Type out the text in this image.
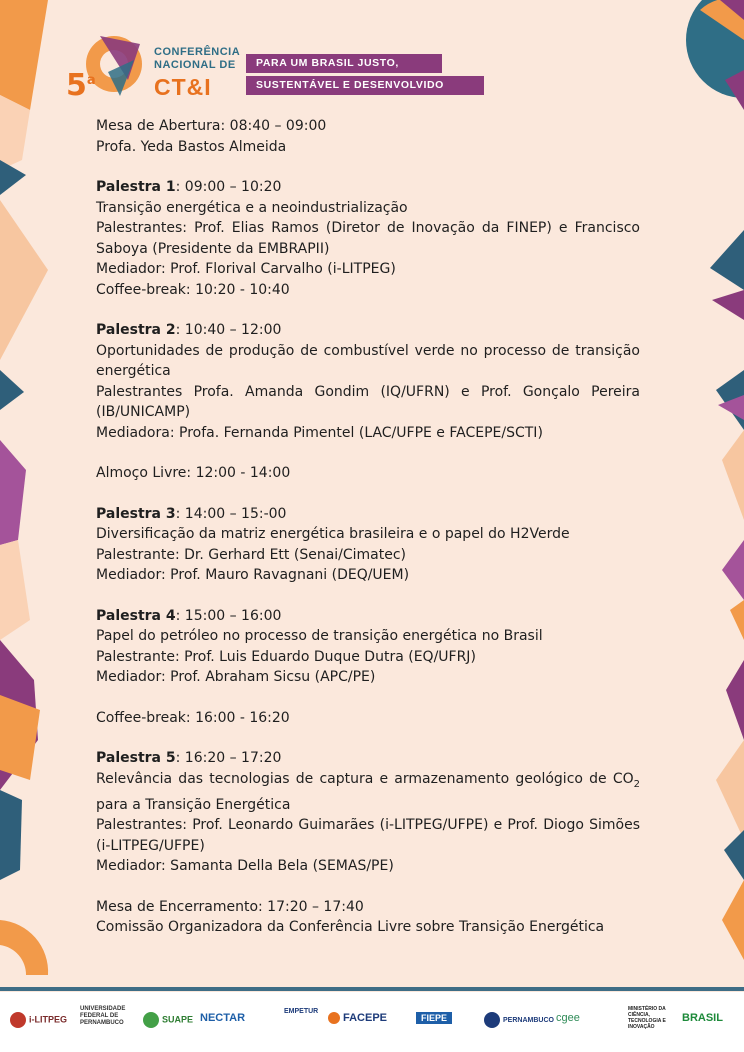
5$^a$
CONFERÊNCIA
NACIONAL DE
CT&I
PARA UM BRASIL JUSTO,
SUSTENTÁVEL E DESENVOLVIDO

Mesa de Abertura: 08:40 – 09:00

Profa. Yeda Bastos Almeida

Palestra 1: 09:00 – 10:20

Transição energética e a neoindustrialização

Palestrantes: Prof. Elias Ramos (Diretor de Inovação da FINEP) e Francisco Saboya (Presidente da EMBRAPII)

Mediador: Prof. Florival Carvalho (i-LITPEG)

Coffee-break: 10:20 - 10:40

Palestra 2: 10:40 – 12:00

Oportunidades de produção de combustível verde no processo de transição energética

Palestrantes Profa. Amanda Gondim (IQ/UFRN) e Prof. Gonçalo Pereira (IB/UNICAMP)

Mediadora: Profa. Fernanda Pimentel (LAC/UFPE e FACEPE/SCTI)

Almoço Livre: 12:00 - 14:00

Palestra 3: 14:00 – 15:-00

Diversificação da matriz energética brasileira e o papel do H2Verde

Palestrante: Dr. Gerhard Ett (Senai/Cimatec)

Mediador: Prof. Mauro Ravagnani (DEQ/UEM)

Palestra 4: 15:00 – 16:00

Papel do petróleo no processo de transição energética no Brasil

Palestrante: Prof. Luis Eduardo Duque Dutra (EQ/UFRJ)

Mediador: Prof. Abraham Sicsu (APC/PE)

Coffee-break: 16:00 - 16:20

Palestra 5: 16:20 – 17:20

Relevância das tecnologias de captura e armazenamento geológico de $CO_2$ para a Transição Energética

Palestrantes: Prof. Leonardo Guimarães (i-LITPEG/UFPE) e Prof. Diogo Simões (i-LITPEG/UFPE)

Mediador: Samanta Della Bela (SEMAS/PE)

Mesa de Encerramento: 17:20 – 17:40

Comissão Organizadora da Conferência Livre sobre Transição Energética

i-LITPEG
UNIVERSIDADE FEDERAL DE PERNAMBUCO	SUAPE NECTAR
EMPETUR
FACEPE	FIEPE	PERNAMBUCO cgee
MINISTÉRIO DA CIÊNCIA, TECNOLOGIA E INOVAÇÃO
BRASIL
